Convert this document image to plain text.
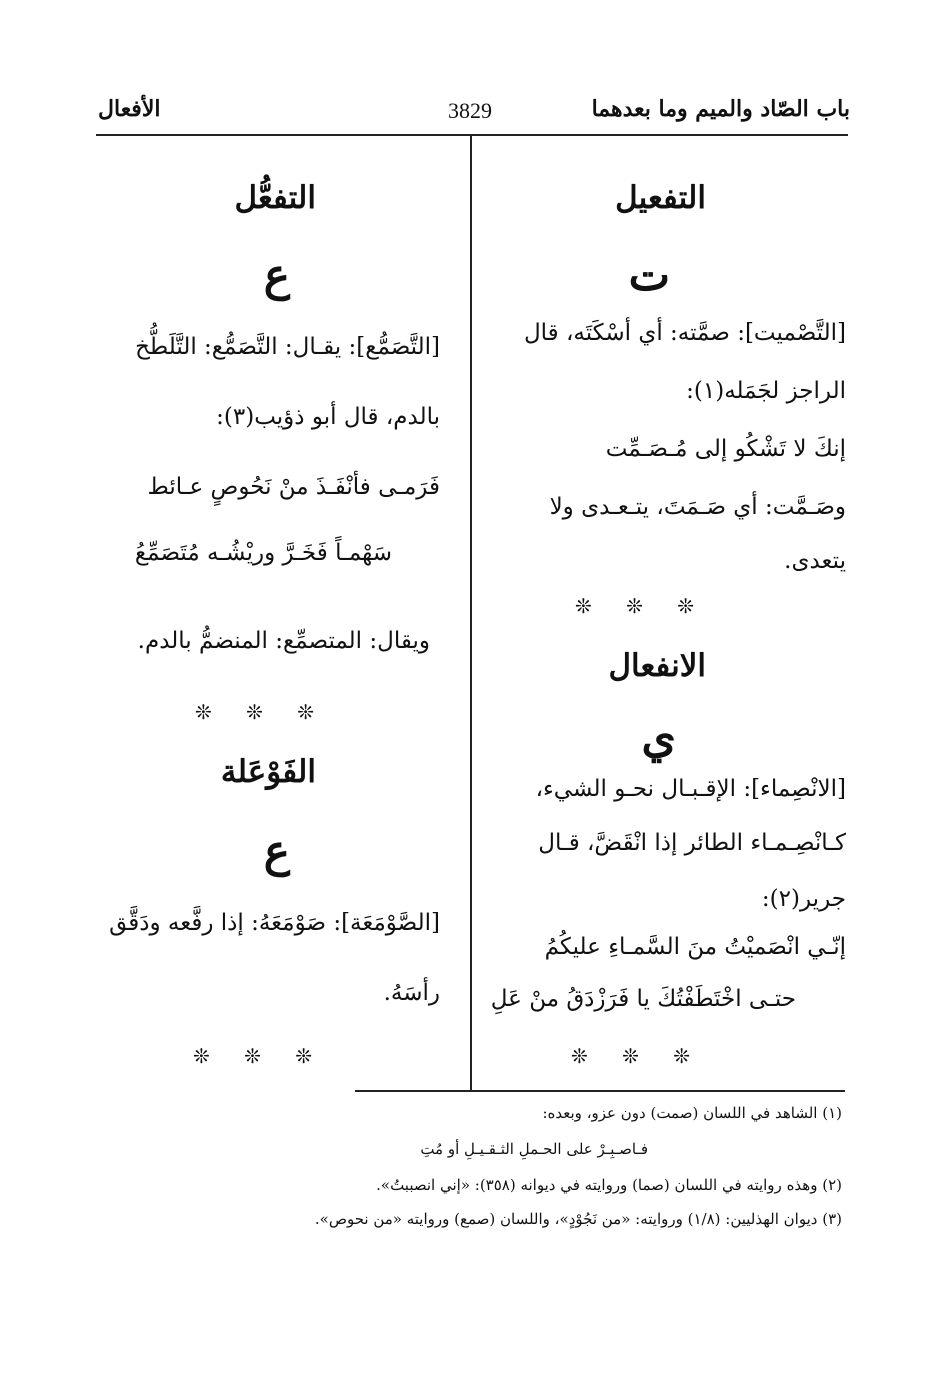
باب الصّاد والميم وما بعدهما
3829
الأفعال
التفعيل
ت
[التَّصْميت]: صمَّته: أي أسْكَتَه، قال
الراجز لجَمَله(١):
إنكَ لا تَشْكُو إلى مُـصَـمِّت
وصَـمَّت: أي صَـمَتَ، يتـعـدى ولا
يتعدى.
❊ ❊ ❊
الانفعال
ي
[الانْصِماء]: الإقـبـال نحـو الشيء،
كـانْصِـمـاء الطائر إذا انْقَضَّ، قـال
جرير(٢):
إنّـي انْصَميْتُ منَ السَّمـاءِ عليكُمُ
حتـى اخْتَطَفْتُكَ يا فَرَزْدَقُ منْ عَلِ
❊ ❊ ❊
التفعُّل
ع
[التَّصَمُّع]: يقـال: التَّصَمُّع: التَّلَطُّخ
بالدم، قال أبو ذؤيب(٣):
فَرَمـى فأنْفَـذَ منْ نَحُوصٍ عـائط
سَهْمـاً فَخَـرَّ وريْشُـه مُتَصَمِّعُ
ويقال: المتصمِّع: المنضمُّ بالدم.
❊ ❊ ❊
الفَوْعَلة
ع
[الصَّوْمَعَة]: صَوْمَعَهُ: إذا رفَّعه ودَقَّق
رأسَهُ.
❊ ❊ ❊
(١) الشاهد في اللسان (صمت) دون عزو، وبعده:
فـاصـبِـرْ على الحـملِ الثـقـيـلِ أو مُتِ
(٢) وهذه روايته في اللسان (صما) وروايته في ديوانه (٣٥٨): «إني انصببتُ».
(٣) ديوان الهذليين: (١/٨) وروايته: «من نَجُوْدٍ»، واللسان (صمع) وروايته «من نحوص».
